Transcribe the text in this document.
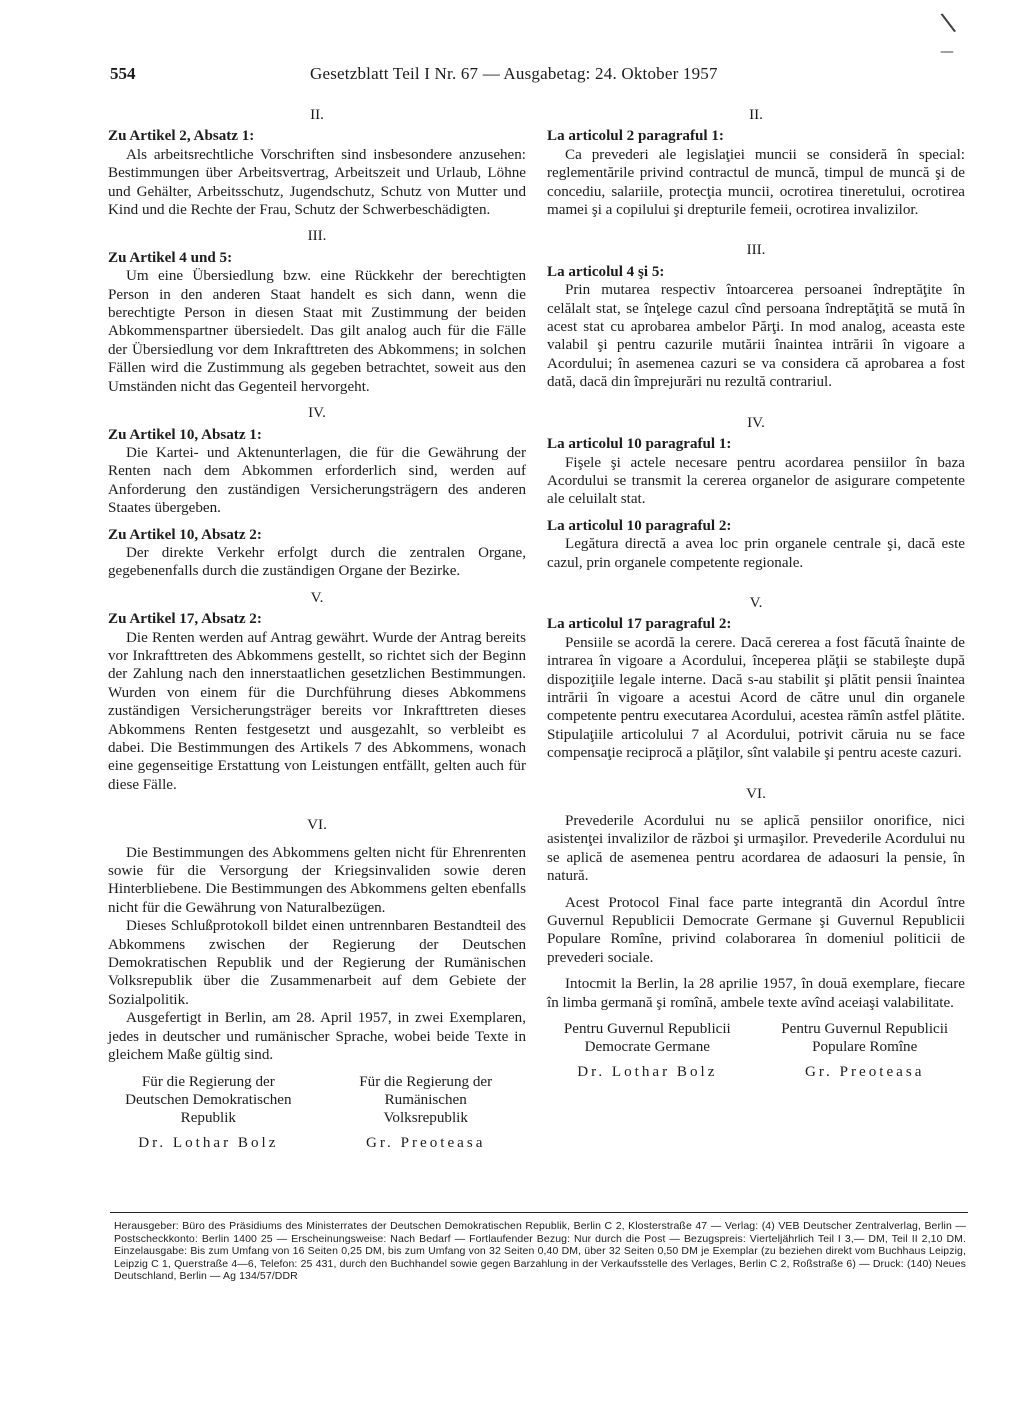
554	Gesetzblatt Teil I Nr. 67 — Ausgabetag: 24. Oktober 1957

II.

Zu Artikel 2, Absatz 1:

Als arbeitsrechtliche Vorschriften sind insbesondere anzusehen: Bestimmungen über Arbeitsvertrag, Arbeitszeit und Urlaub, Löhne und Gehälter, Arbeitsschutz, Jugendschutz, Schutz von Mutter und Kind und die Rechte der Frau, Schutz der Schwerbeschädigten.

III.

Zu Artikel 4 und 5:

Um eine Übersiedlung bzw. eine Rückkehr der berechtigten Person in den anderen Staat handelt es sich dann, wenn die berechtigte Person in diesen Staat mit Zustimmung der beiden Abkommenspartner übersiedelt. Das gilt analog auch für die Fälle der Übersiedlung vor dem Inkrafttreten des Abkommens; in solchen Fällen wird die Zustimmung als gegeben betrachtet, soweit aus den Umständen nicht das Gegenteil hervorgeht.

IV.

Zu Artikel 10, Absatz 1:

Die Kartei- und Aktenunterlagen, die für die Gewährung der Renten nach dem Abkommen erforderlich sind, werden auf Anforderung den zuständigen Versicherungsträgern des anderen Staates übergeben.

Zu Artikel 10, Absatz 2:

Der direkte Verkehr erfolgt durch die zentralen Organe, gegebenenfalls durch die zuständigen Organe der Bezirke.

V.

Zu Artikel 17, Absatz 2:

Die Renten werden auf Antrag gewährt. Wurde der Antrag bereits vor Inkrafttreten des Abkommens gestellt, so richtet sich der Beginn der Zahlung nach den innerstaatlichen gesetzlichen Bestimmungen. Wurden von einem für die Durchführung dieses Abkommens zuständigen Versicherungsträger bereits vor Inkrafttreten dieses Abkommens Renten festgesetzt und ausgezahlt, so verbleibt es dabei. Die Bestimmungen des Artikels 7 des Abkommens, wonach eine gegenseitige Erstattung von Leistungen entfällt, gelten auch für diese Fälle.

VI.

Die Bestimmungen des Abkommens gelten nicht für Ehrenrenten sowie für die Versorgung der Kriegsinvaliden sowie deren Hinterbliebene. Die Bestimmungen des Abkommens gelten ebenfalls nicht für die Gewährung von Naturalbezügen.

Dieses Schlußprotokoll bildet einen untrennbaren Bestandteil des Abkommens zwischen der Regierung der Deutschen Demokratischen Republik und der Regierung der Rumänischen Volksrepublik über die Zusammenarbeit auf dem Gebiete der Sozialpolitik.

Ausgefertigt in Berlin, am 28. April 1957, in zwei Exemplaren, jedes in deutscher und rumänischer Sprache, wobei beide Texte in gleichem Maße gültig sind.

Für die Regierung der
Deutschen Demokratischen
Republik
Dr. Lothar Bolz
Für die Regierung der
Rumänischen
Volksrepublik
Gr. Preoteasa

II.

La articolul 2 paragraful 1:

Ca prevederi ale legislaţiei muncii se consideră în special: reglementările privind contractul de muncă, timpul de muncă şi de concediu, salariile, protecţia muncii, ocrotirea tineretului, ocrotirea mamei şi a copilului şi drepturile femeii, ocrotirea invalizilor.

III.

La articolul 4 şi 5:

Prin mutarea respectiv întoarcerea persoanei îndreptăţite în celălalt stat, se înţelege cazul cînd persoana îndreptăţită se mută în acest stat cu aprobarea ambelor Părţi. In mod analog, aceasta este valabil şi pentru cazurile mutării înaintea intrării în vigoare a Acordului; în asemenea cazuri se va considera că aprobarea a fost dată, dacă din împrejurări nu rezultă contrariul.

IV.

La articolul 10 paragraful 1:

Fişele şi actele necesare pentru acordarea pensiilor în baza Acordului se transmit la cererea organelor de asigurare competente ale celuilalt stat.

La articolul 10 paragraful 2:

Legătura directă a avea loc prin organele centrale şi, dacă este cazul, prin organele competente regionale.

V.

La articolul 17 paragraful 2:

Pensiile se acordă la cerere. Dacă cererea a fost făcută înainte de intrarea în vigoare a Acordului, începerea plăţii se stabileşte după dispoziţiile legale interne. Dacă s-au stabilit şi plătit pensii înaintea intrării în vigoare a acestui Acord de către unul din organele competente pentru executarea Acordului, acestea rămîn astfel plătite. Stipulaţiile articolului 7 al Acordului, potrivit căruia nu se face compensaţie reciprocă a plăţilor, sînt valabile şi pentru aceste cazuri.

VI.

Prevederile Acordului nu se aplică pensiilor onorifice, nici asistenţei invalizilor de război şi urmaşilor. Prevederile Acordului nu se aplică de asemenea pentru acordarea de adaosuri la pensie, în natură.

Acest Protocol Final face parte integrantă din Acordul între Guvernul Republicii Democrate Germane şi Guvernul Republicii Populare Romîne, privind colaborarea în domeniul politicii de prevederi sociale.

Intocmit la Berlin, la 28 aprilie 1957, în două exemplare, fiecare în limba germană şi romînă, ambele texte avînd aceiaşi valabilitate.

Pentru Guvernul Republicii
Democrate Germane
Dr. Lothar Bolz
Pentru Guvernul Republicii
Populare Romîne
Gr. Preoteasa
Herausgeber: Büro des Präsidiums des Ministerrates der Deutschen Demokratischen Republik, Berlin C 2, Klosterstraße 47 — Verlag: (4) VEB Deutscher Zentralverlag, Berlin — Postscheckkonto: Berlin 1400 25 — Erscheinungsweise: Nach Bedarf — Fortlaufender Bezug: Nur durch die Post — Bezugspreis: Vierteljährlich Teil I 3,— DM, Teil II 2,10 DM. Einzelausgabe: Bis zum Umfang von 16 Seiten 0,25 DM, bis zum Umfang von 32 Seiten 0,40 DM, über 32 Seiten 0,50 DM je Exemplar (zu beziehen direkt vom Buchhaus Leipzig, Leipzig C 1, Querstraße 4—6, Telefon: 25 431, durch den Buchhandel sowie gegen Barzahlung in der Verkaufsstelle des Verlages, Berlin C 2, Roßstraße 6) — Druck: (140) Neues Deutschland, Berlin — Ag 134/57/DDR
\
—
